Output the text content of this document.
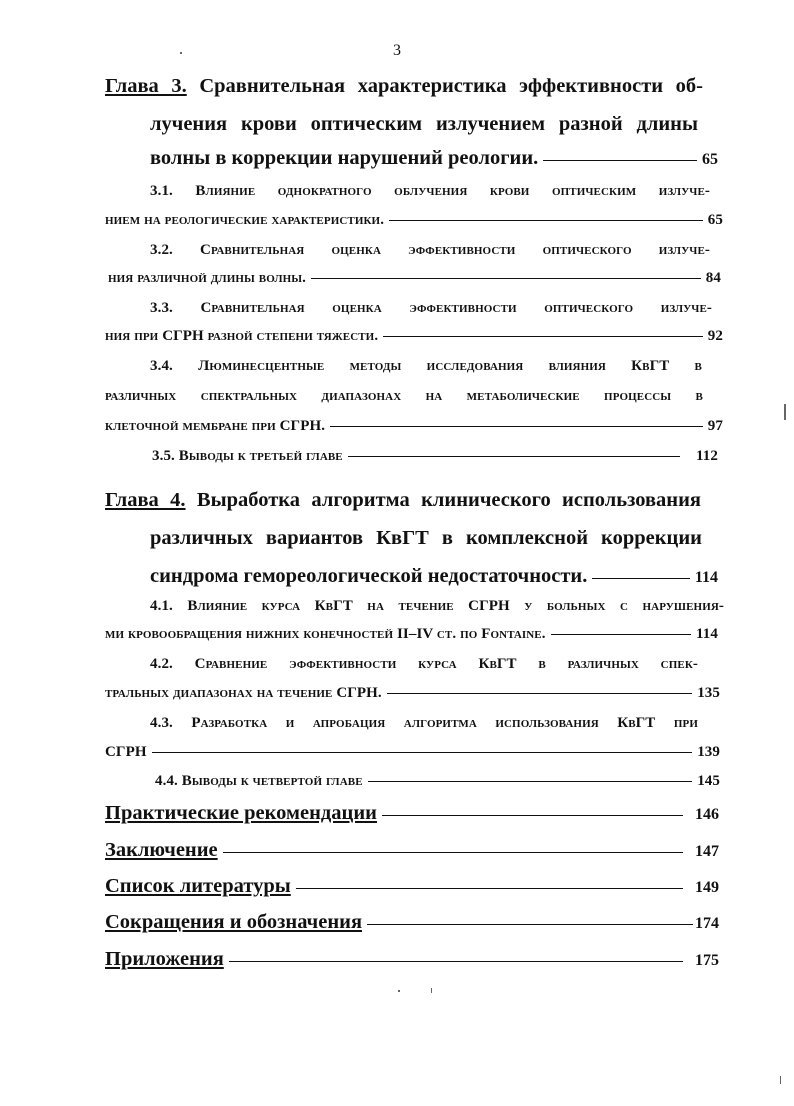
3
Глава 3. Сравнительная характеристика эффективности об-
лучения крови оптическим излучением разной длины
волны в коррекции нарушений реологии.	65
3.1. Влияние однократного облучения крови оптическим излуче-
нием на реологические характеристики.	65
3.2. Сравнительная оценка эффективности оптического излуче-
ния различной длины волны.	84
3.3. Сравнительная оценка эффективности оптического излуче-
ния при СГРН разной степени тяжести.	92
3.4. Люминесцентные методы исследования влияния КвГТ в
различных спектральных диапазонах на метаболические процессы в
клеточной мембране при СГРН.	97
3.5. Выводы к третьей главе	112
Глава 4. Выработка алгоритма клинического использования
различных вариантов КвГТ в комплексной коррекции
синдрома гемореологической недостаточности.	114
4.1. Влияние курса КвГТ на течение СГРН у больных с нарушения-
ми кровообращения нижних конечностей II–IV ст. по Fontaine.	114
4.2. Сравнение эффективности курса КвГТ в различных спек-
тральных диапазонах на течение СГРН.	135
4.3. Разработка и апробация алгоритма использования КвГТ при
СГРН	139
4.4. Выводы к четвертой главе	145
Практические рекомендации	146
Заключение	147
Список литературы	149
Сокращения и обозначения	174
Приложения	175
